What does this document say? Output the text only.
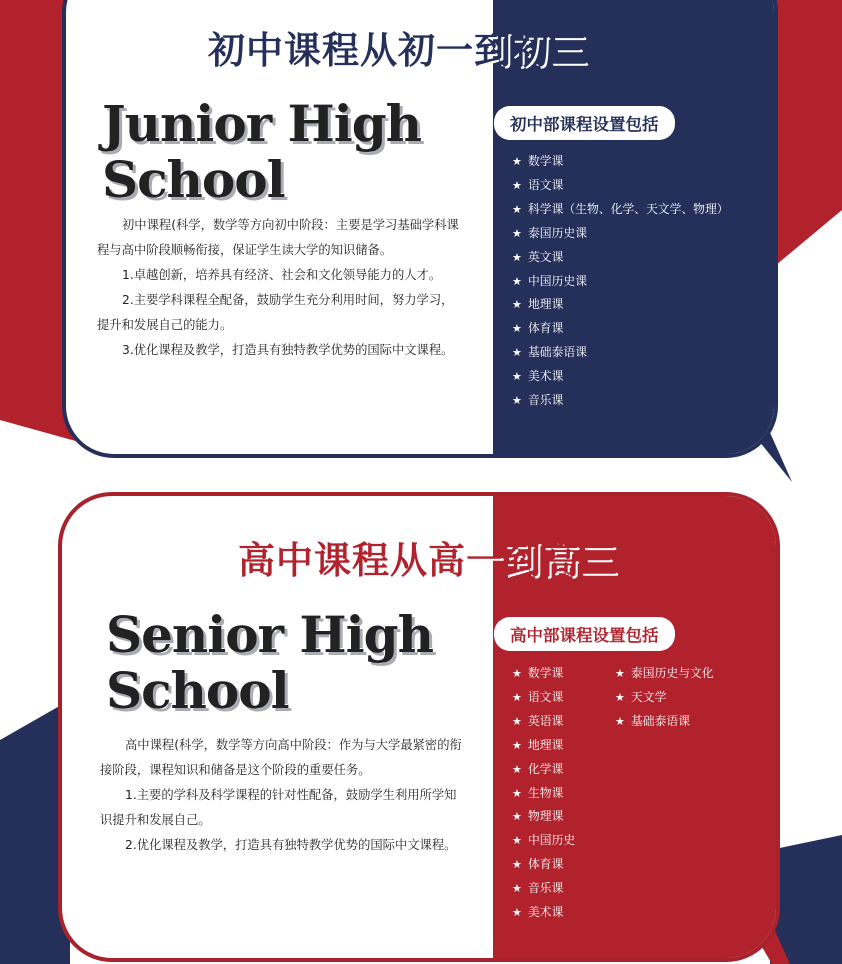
初中课程从初一到初三
Junior High
School

初中课程(科学，数学等方向初中阶段：主要是学习基础学科课程与高中阶段顺畅衔接，保证学生读大学的知识储备。

1.卓越创新，培养具有经济、社会和文化领导能力的人才。

2.主要学科课程全配备，鼓励学生充分利用时间，努力学习，提升和发展自己的能力。

3.优化课程及教学，打造具有独特教学优势的国际中文课程。

初中部课程设置包括
★ 数学课
★ 语文课
★ 科学课（生物、化学、天文学、物理）
★ 泰国历史课
★ 英文课
★ 中国历史课
★ 地理课
★ 体育课
★ 基础泰语课
★ 美术课
★ 音乐课
高中课程从高一到高三
Senior High
School

高中课程(科学，数学等方向高中阶段：作为与大学最紧密的衔接阶段，课程知识和储备是这个阶段的重要任务。

1.主要的学科及科学课程的针对性配备，鼓励学生利用所学知识提升和发展自己。

2.优化课程及教学，打造具有独特教学优势的国际中文课程。

高中部课程设置包括
★ 数学课
★ 语文课
★ 英语课
★ 地理课
★ 化学课
★ 生物课
★ 物理课
★ 中国历史
★ 体育课
★ 音乐课
★ 美术课
★ 泰国历史与文化
★ 天文学
★ 基础泰语课
